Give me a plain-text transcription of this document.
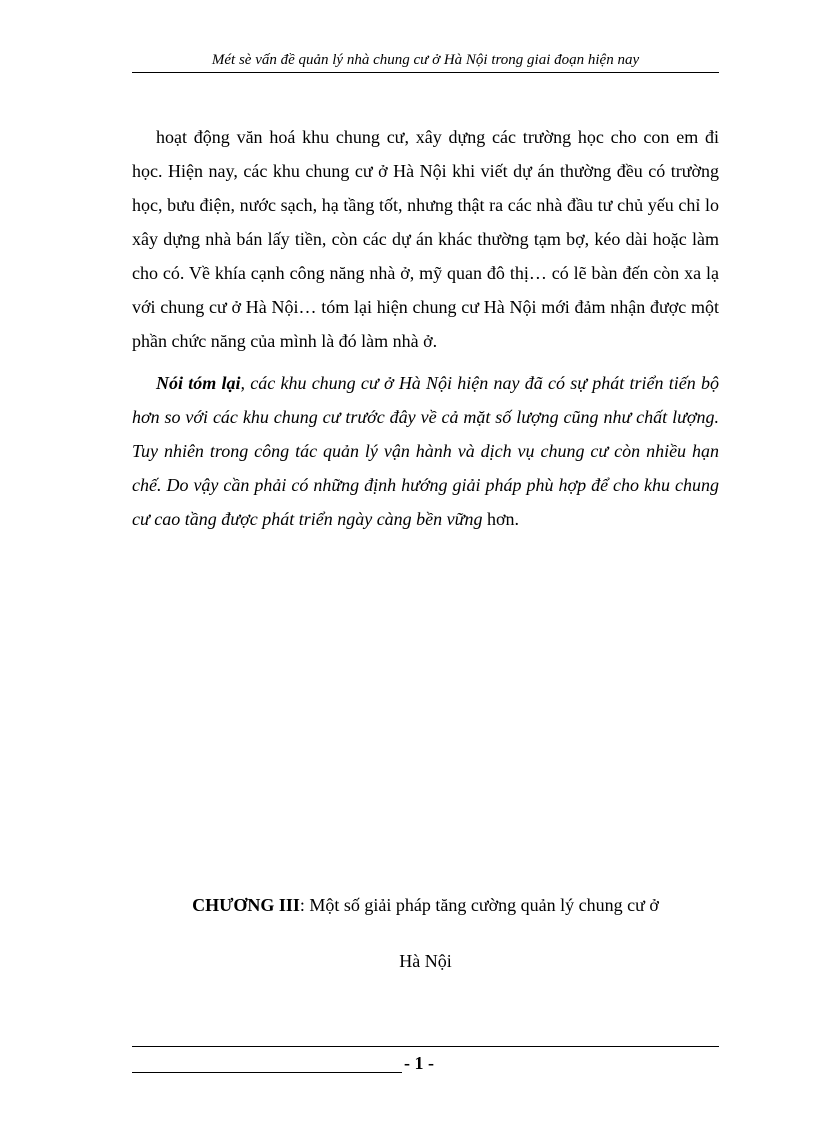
Mét sè vấn đề quản lý nhà chung cư ở Hà Nội trong giai đoạn hiện nay

hoạt động văn hoá khu chung cư, xây dựng các trường học cho con em đi học. Hiện nay, các khu chung cư ở Hà Nội khi viết dự án thường đều có trường học, bưu điện, nước sạch, hạ tầng tốt, nhưng thật ra các nhà đầu tư chủ yếu chỉ lo xây dựng nhà bán lấy tiền, còn các dự án khác thường tạm bợ, kéo dài hoặc làm cho có. Về khía cạnh công năng nhà ở, mỹ quan đô thị… có lẽ bàn đến còn xa lạ với chung cư ở Hà Nội… tóm lại hiện chung cư Hà Nội mới đảm nhận được một phần chức năng của mình là đó làm nhà ở.

Nói tóm lại, các khu chung cư ở Hà Nội hiện nay đã có sự phát triển tiến bộ hơn so với các khu chung cư trước đây về cả mặt số lượng cũng như chất lượng. Tuy nhiên trong công tác quản lý vận hành và dịch vụ chung cư còn nhiều hạn chế. Do vậy cần phải có những định hướng giải pháp phù hợp để cho khu chung cư cao tầng được phát triển ngày càng bền vững hơn.

CHƯƠNG III: Một số giải pháp tăng cường quản lý chung cư ở
Hà Nội
- 1 -
